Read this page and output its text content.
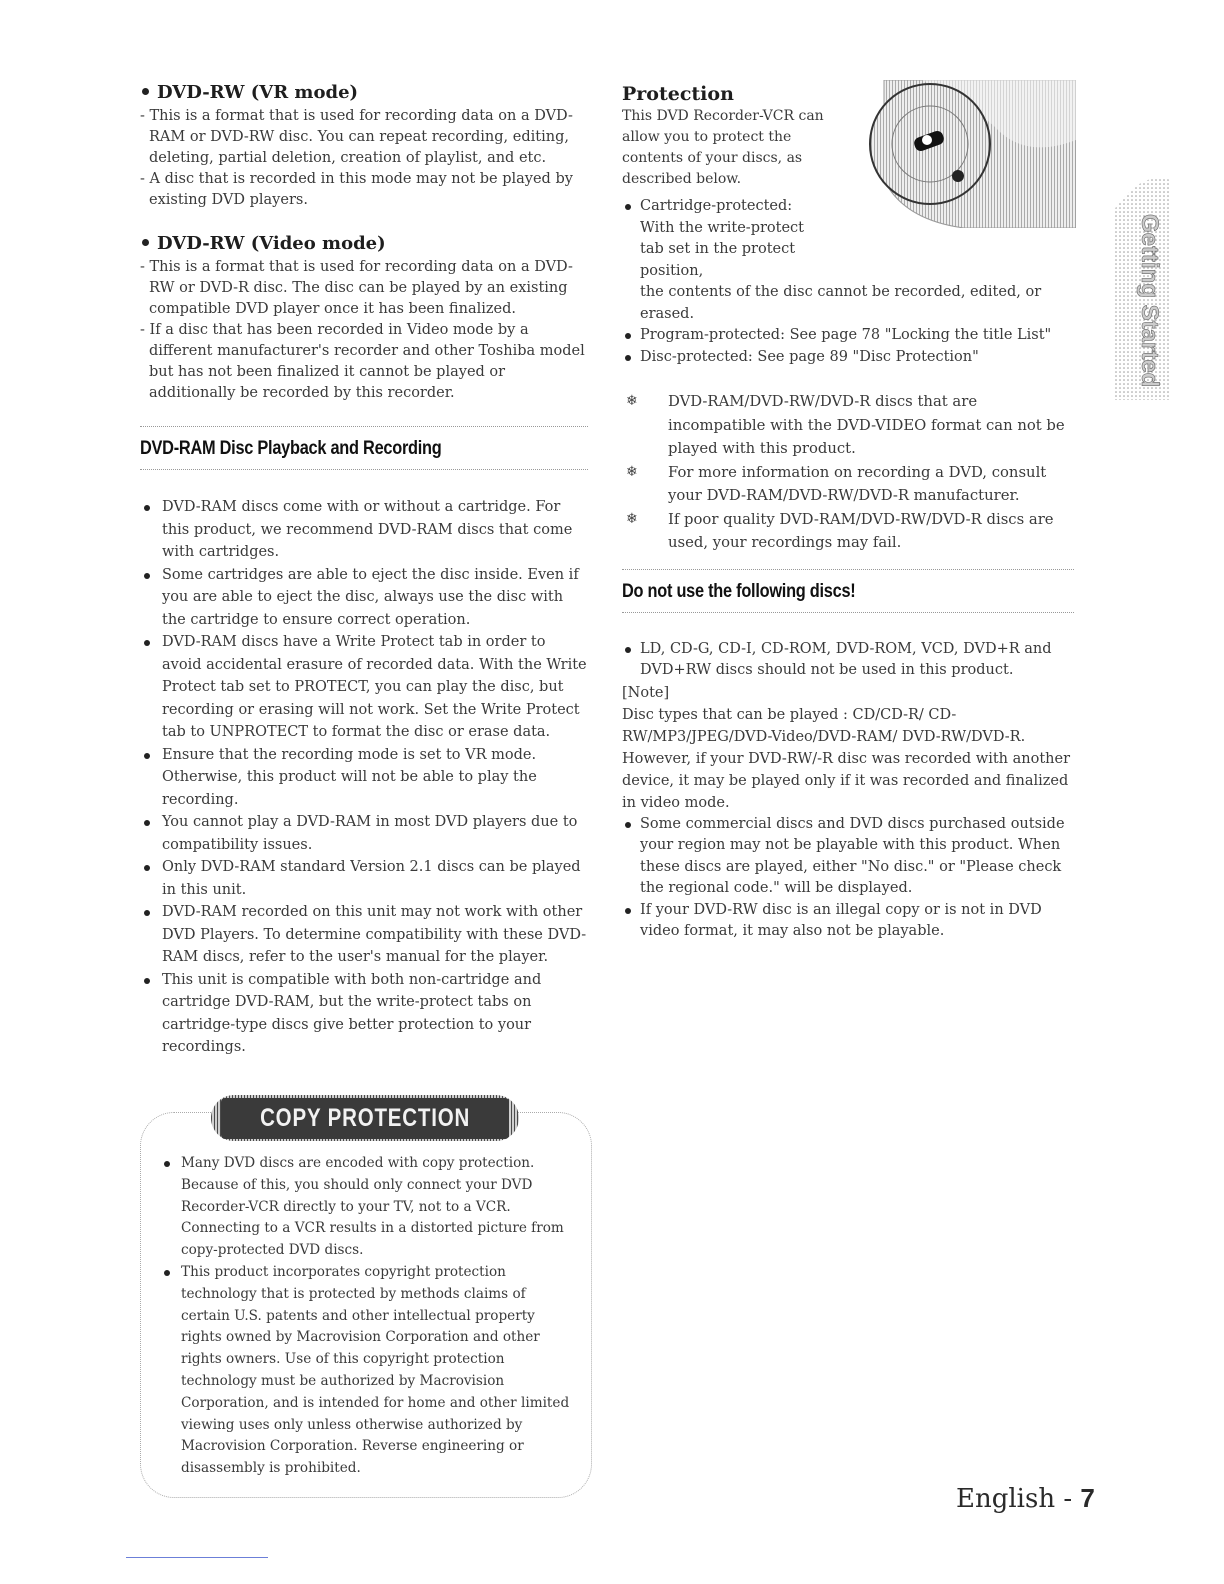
DVD-RW (VR mode)
- This is a format that is used for recording data on a DVD-RAM or DVD-RW disc. You can repeat recording, editing, deleting, partial deletion, creation of playlist, and etc.
- A disc that is recorded in this mode may not be played by existing DVD players.
DVD-RW (Video mode)
- This is a format that is used for recording data on a DVD-RW or DVD-R disc. The disc can be played by an existing compatible DVD player once it has been finalized.
- If a disc that has been recorded in Video mode by a different manufacturer's recorder and other Toshiba model but has not been finalized it cannot be played or additionally be recorded by this recorder.
DVD-RAM Disc Playback and Recording
DVD-RAM discs come with or without a cartridge. For this product, we recommend DVD-RAM discs that come with cartridges.
Some cartridges are able to eject the disc inside. Even if you are able to eject the disc, always use the disc with the cartridge to ensure correct operation.
DVD-RAM discs have a Write Protect tab in order to avoid accidental erasure of recorded data. With the Write Protect tab set to PROTECT, you can play the disc, but recording or erasing will not work. Set the Write Protect tab to UNPROTECT to format the disc or erase data.
Ensure that the recording mode is set to VR mode. Otherwise, this product will not be able to play the recording.
You cannot play a DVD-RAM in most DVD players due to compatibility issues.
Only DVD-RAM standard Version 2.1 discs can be played in this unit.
DVD-RAM recorded on this unit may not work with other DVD Players. To determine compatibility with these DVD-RAM discs, refer to the user's manual for the player.
This unit is compatible with both non-cartridge and cartridge DVD-RAM, but the write-protect tabs on cartridge-type discs give better protection to your recordings.
COPY PROTECTION
Many DVD discs are encoded with copy protection. Because of this, you should only connect your DVD Recorder-VCR directly to your TV, not to a VCR. Connecting to a VCR results in a distorted picture from copy-protected DVD discs.
This product incorporates copyright protection technology that is protected by methods claims of certain U.S. patents and other intellectual property rights owned by Macrovision Corporation and other rights owners. Use of this copyright protection technology must be authorized by Macrovision Corporation, and is intended for home and other limited viewing uses only unless otherwise authorized by Macrovision Corporation. Reverse engineering or disassembly is prohibited.
Protection

This DVD Recorder-VCR can allow you to protect the contents of your discs, as described below.

Cartridge-protected:
With the write-protect tab set in the protect position,
the contents of the disc cannot be recorded, edited, or erased.
Program-protected: See page 78 "Locking the title List"
Disc-protected: See page 89 "Disc Protection"
❄ DVD-RAM/DVD-RW/DVD-R discs that are incompatible with the DVD-VIDEO format can not be played with this product.
❄ For more information on recording a DVD, consult your DVD-RAM/DVD-RW/DVD-R manufacturer.
❄ If poor quality DVD-RAM/DVD-RW/DVD-R discs are used, your recordings may fail.
Do not use the following discs!
LD, CD-G, CD-I, CD-ROM, DVD-ROM, VCD, DVD+R and DVD+RW discs should not be used in this product.

[Note]

Disc types that can be played : CD/CD-R/ CD-RW/MP3/JPEG/DVD-Video/DVD-RAM/ DVD-RW/DVD-R. However, if your DVD-RW/-R disc was recorded with another device, it may be played only if it was recorded and finalized in video mode.

Some commercial discs and DVD discs purchased outside your region may not be playable with this product. When these discs are played, either "No disc." or "Please check the regional code." will be displayed.
If your DVD-RW disc is an illegal copy or is not in DVD video format, it may also not be playable.
Getting Started
English - 7
